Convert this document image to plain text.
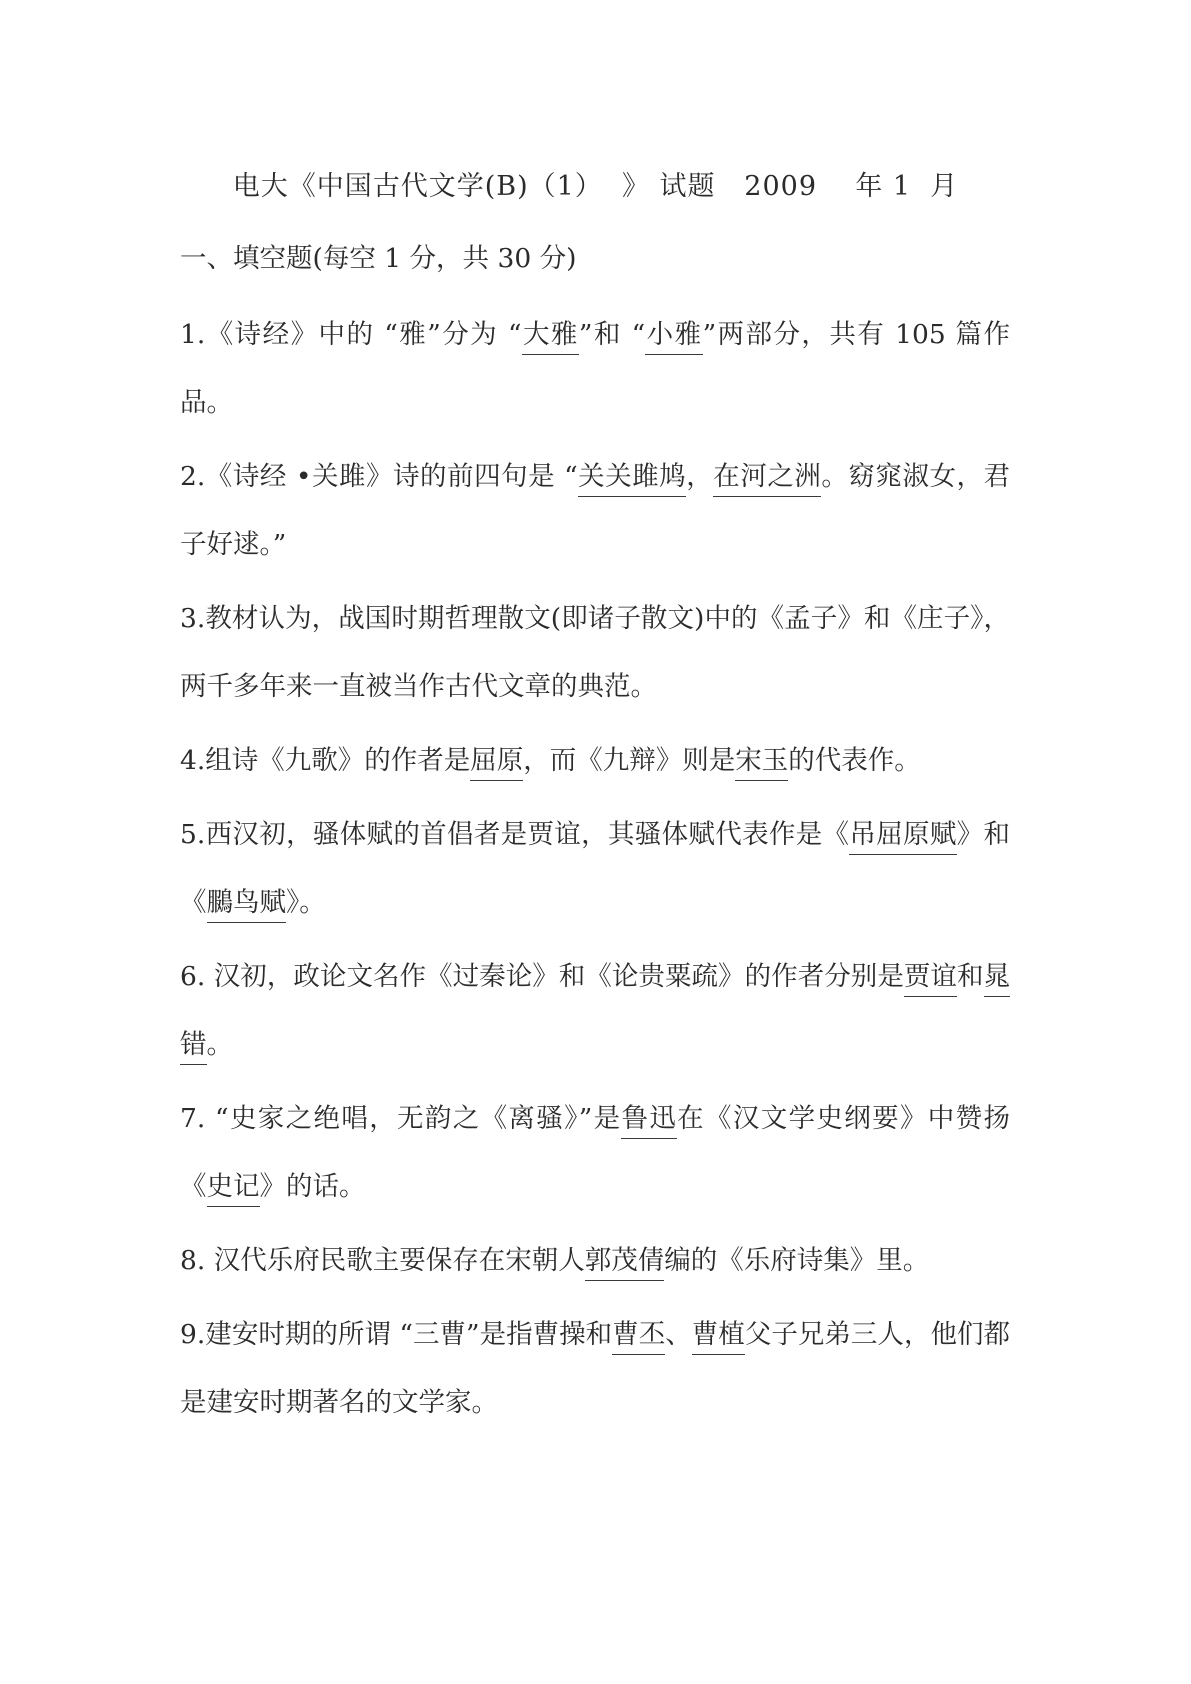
电大《中国古代文学(B)（1）  》 试题   2009    年 1  月
一、填空题(每空 1 分，共 30 分)
1.《诗经》中的 “雅”分为 “大雅”和 “小雅”两部分，共有 105 篇作品。
2.《诗经 •关雎》诗的前四句是 “关关雎鸠，在河之洲。窈窕淑女，君子好逑。”
3.教材认为，战国时期哲理散文(即诸子散文)中的《孟子》和《庄子》，两千多年来一直被当作古代文章的典范。
4.组诗《九歌》的作者是屈原，而《九辩》则是宋玉的代表作。
5.西汉初，骚体赋的首倡者是贾谊，其骚体赋代表作是《吊屈原赋》和《鵩鸟赋》。
6. 汉初，政论文名作《过秦论》和《论贵粟疏》的作者分别是贾谊和晁错。
7. “史家之绝唱，无韵之《离骚》”是鲁迅在《汉文学史纲要》中赞扬《史记》的话。
8. 汉代乐府民歌主要保存在宋朝人郭茂倩编的《乐府诗集》里。
9.建安时期的所谓 “三曹”是指曹操和曹丕、曹植父子兄弟三人，他们都是建安时期著名的文学家。
